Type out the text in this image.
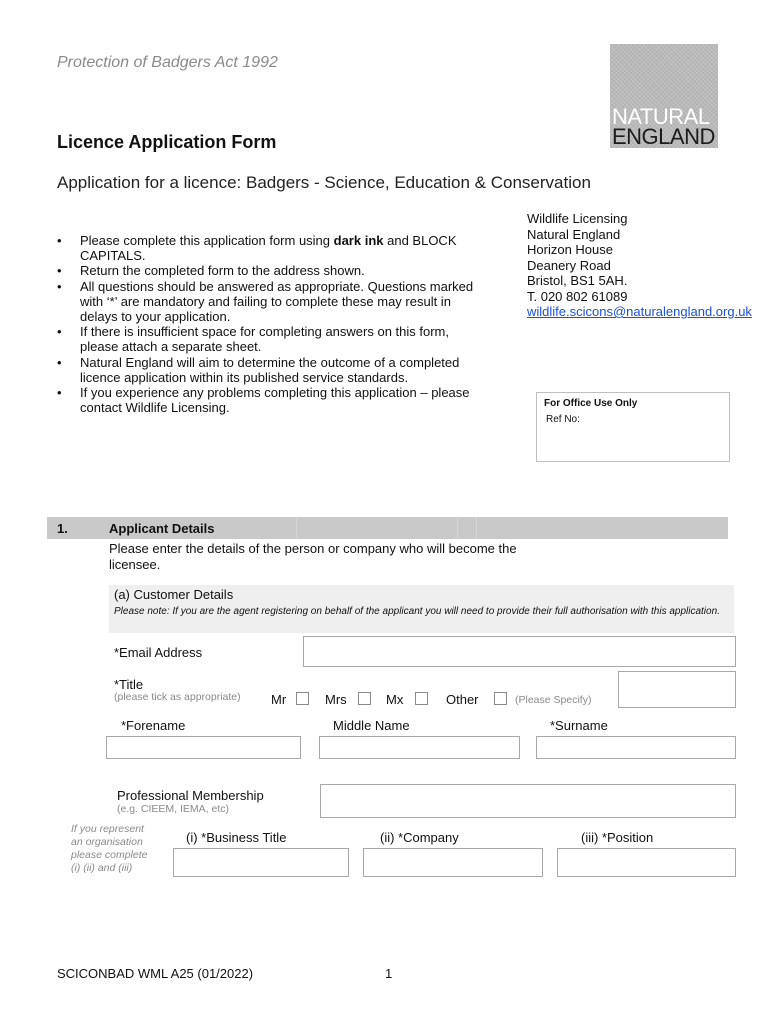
Protection of Badgers Act 1992
NATURAL
ENGLAND
Licence Application Form
Application for a licence: Badgers - Science, Education & Conservation
• Please complete this application form using dark ink and BLOCK CAPITALS.
• Return the completed form to the address shown.
• All questions should be answered as appropriate. Questions marked with ‘*’ are mandatory and failing to complete these may result in delays to your application.
• If there is insufficient space for completing answers on this form, please attach a separate sheet.
• Natural England will aim to determine the outcome of a completed licence application within its published service standards.
• If you experience any problems completing this application – please contact Wildlife Licensing.
Wildlife Licensing
Natural England
Horizon House
Deanery Road
Bristol, BS1 5AH.
T. 020 802 61089
wildlife.scicons@naturalengland.org.uk
For Office Use Only
Ref No:
1.	Applicant Details
Please enter the details of the person or company who will become the licensee.
(a) Customer Details
Please note: If you are the agent registering on behalf of the applicant you will need to provide their full authorisation with this application.
*Email Address
*Title
(please tick as appropriate) Mr	Mrs	Mx	Other	(Please Specify)
*Forename	Middle Name	*Surname
Professional Membership
(e.g. CIEEM, IEMA, etc)
If you represent
an organisation
please complete
(i) (ii) and (iii)
(i) *Business Title	(ii) *Company	(iii) *Position
SCICONBAD WML A25 (01/2022)	1
